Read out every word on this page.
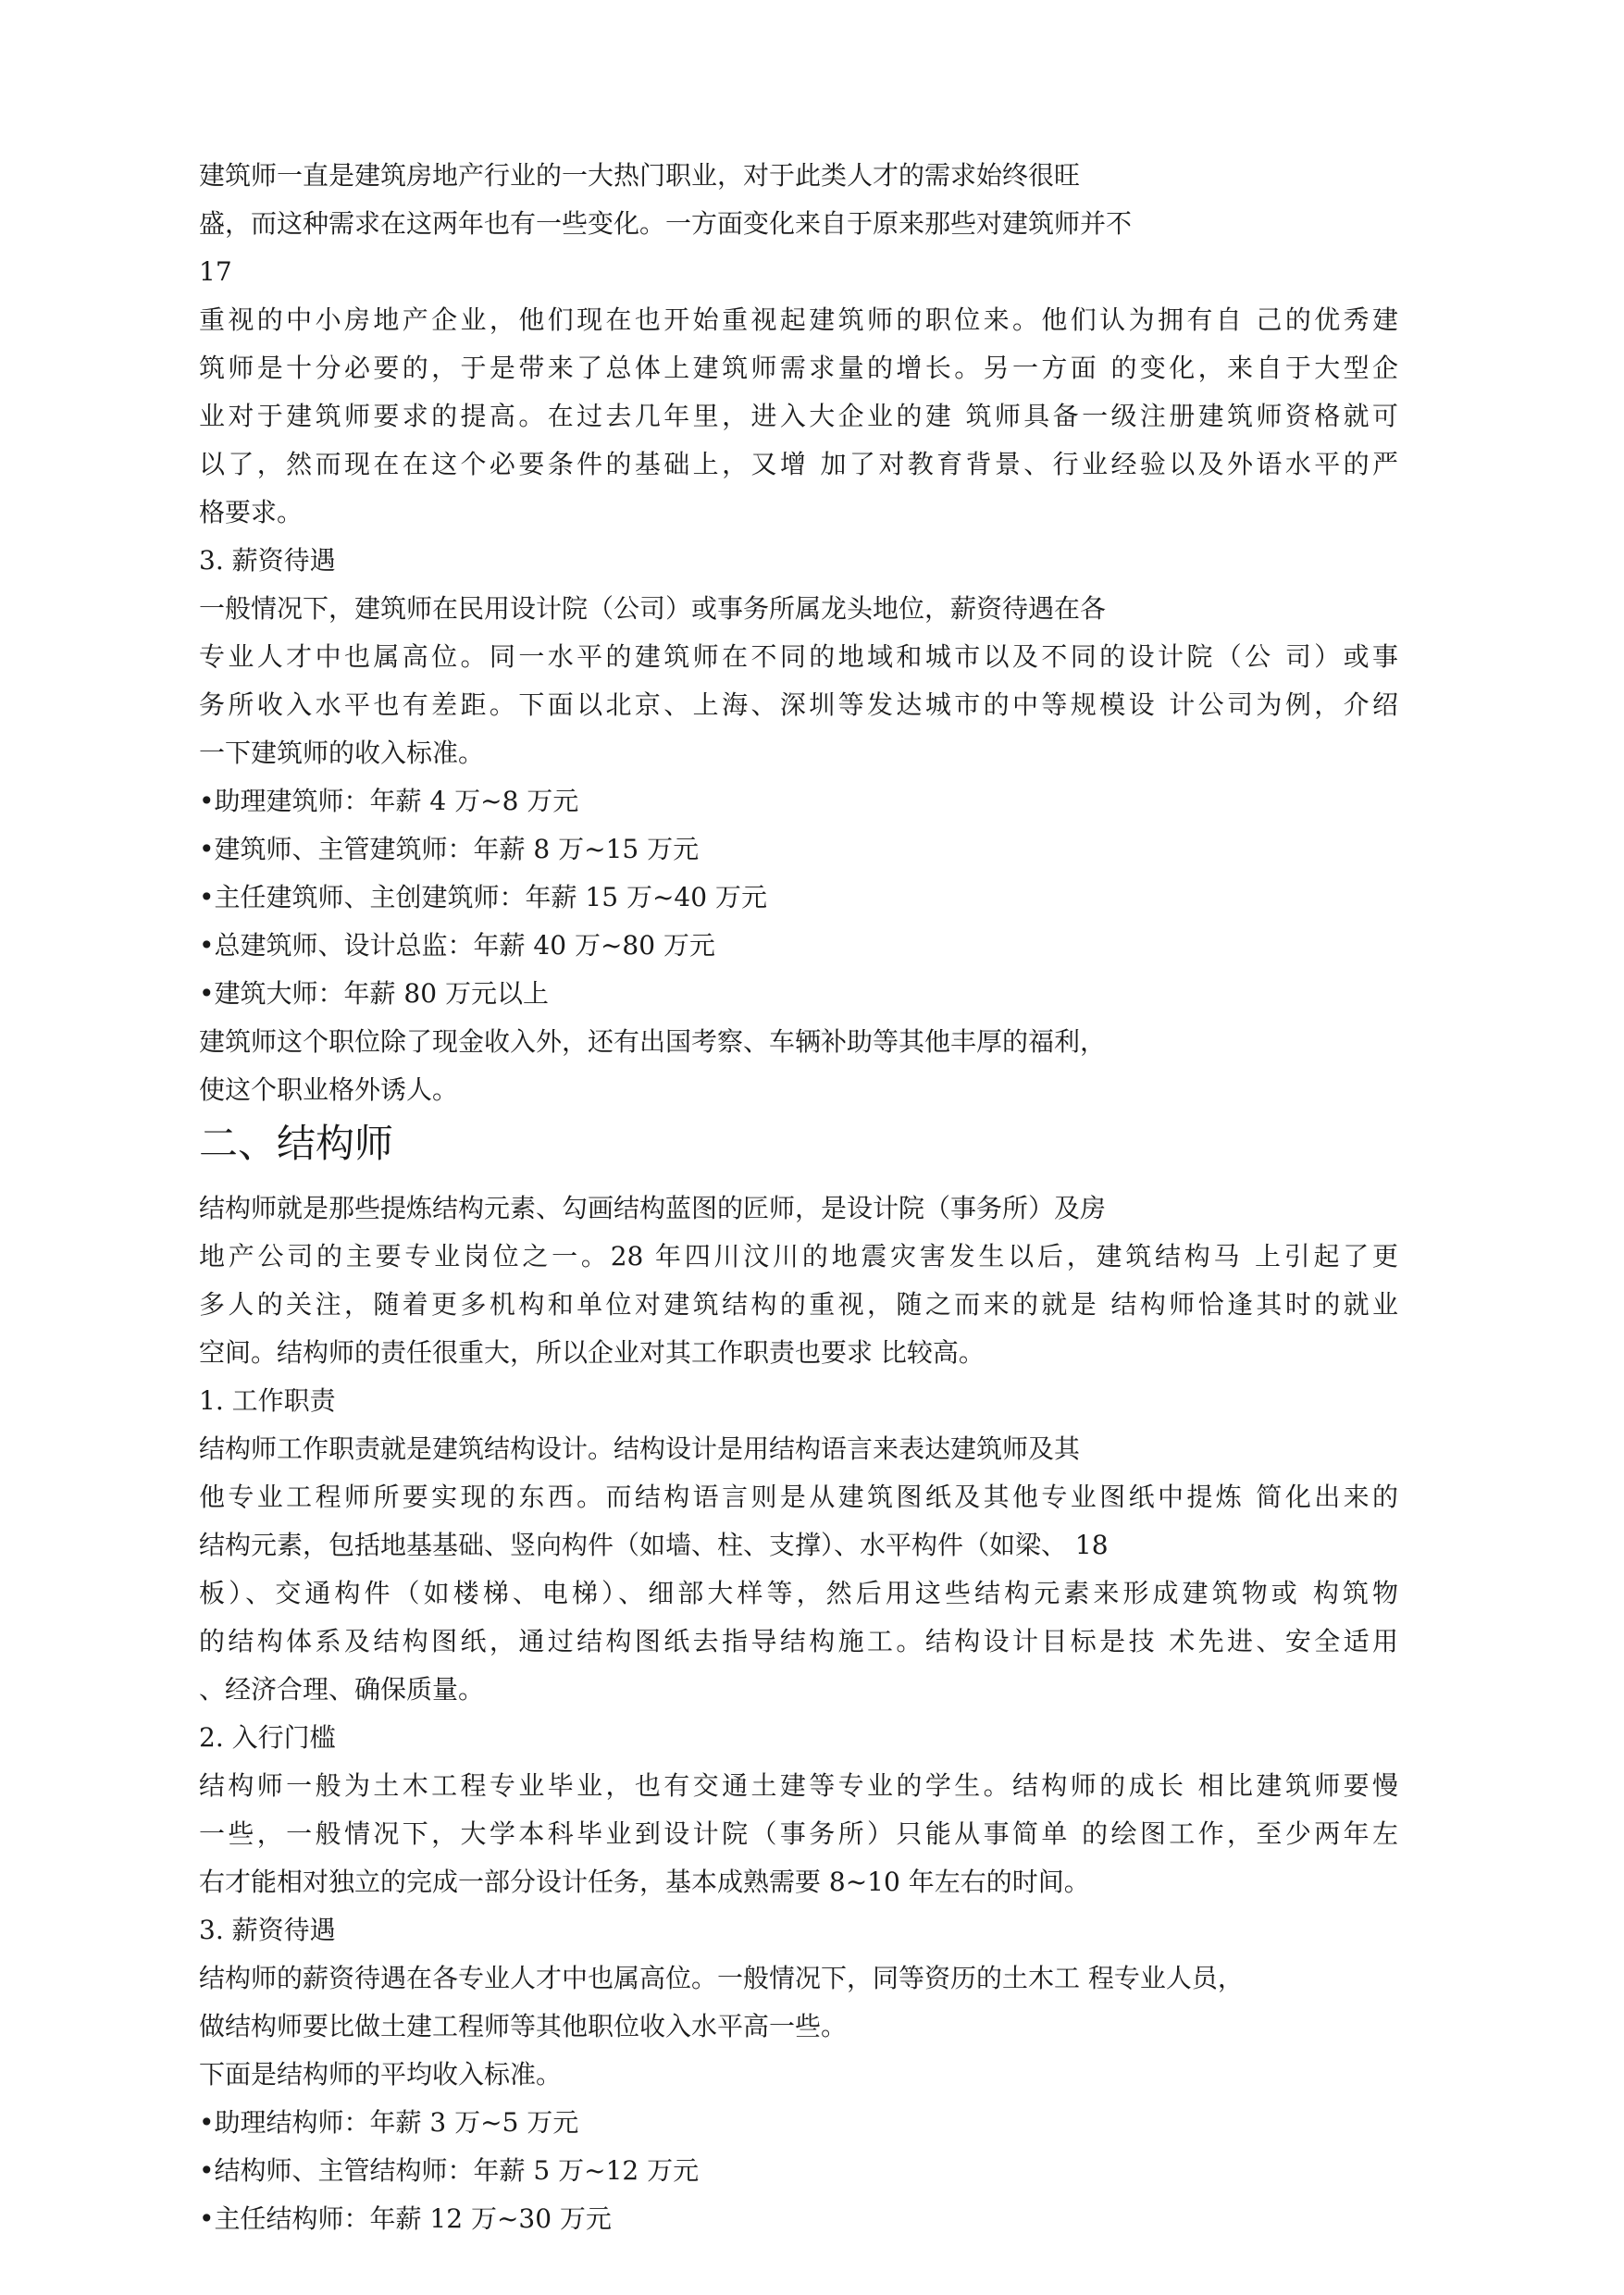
建筑师一直是建筑房地产行业的一大热门职业，对于此类人才的需求始终很旺
盛，而这种需求在这两年也有一些变化。一方面变化来自于原来那些对建筑师并不
17
重视的中小房地产企业，他们现在也开始重视起建筑师的职位来。他们认为拥有自 己的优秀建
筑师是十分必要的，于是带来了总体上建筑师需求量的增长。另一方面 的变化，来自于大型企
业对于建筑师要求的提高。在过去几年里，进入大企业的建 筑师具备一级注册建筑师资格就可
以了，然而现在在这个必要条件的基础上，又增 加了对教育背景、行业经验以及外语水平的严
格要求。
3. 薪资待遇
一般情况下，建筑师在民用设计院（公司）或事务所属龙头地位，薪资待遇在各
专业人才中也属高位。同一水平的建筑师在不同的地域和城市以及不同的设计院（公 司）或事
务所收入水平也有差距。下面以北京、上海、深圳等发达城市的中等规模设 计公司为例，介绍
一下建筑师的收入标准。
•助理建筑师：年薪 4 万~8 万元
•建筑师、主管建筑师：年薪 8 万~15 万元
•主任建筑师、主创建筑师：年薪 15 万~40 万元
•总建筑师、设计总监：年薪 40 万~80 万元
•建筑大师：年薪 80 万元以上
建筑师这个职位除了现金收入外，还有出国考察、车辆补助等其他丰厚的福利，
使这个职业格外诱人。
二、结构师
结构师就是那些提炼结构元素、勾画结构蓝图的匠师，是设计院（事务所）及房
地产公司的主要专业岗位之一。28 年四川汶川的地震灾害发生以后，建筑结构马 上引起了更
多人的关注，随着更多机构和单位对建筑结构的重视，随之而来的就是 结构师恰逢其时的就业
空间。结构师的责任很重大，所以企业对其工作职责也要求 比较高。
1. 工作职责
结构师工作职责就是建筑结构设计。结构设计是用结构语言来表达建筑师及其
他专业工程师所要实现的东西。而结构语言则是从建筑图纸及其他专业图纸中提炼 简化出来的
结构元素，包括地基基础、竖向构件（如墙、柱、支撑）、水平构件（如梁、 18
板）、交通构件（如楼梯、电梯）、细部大样等，然后用这些结构元素来形成建筑物或 构筑物
的结构体系及结构图纸，通过结构图纸去指导结构施工。结构设计目标是技 术先进、安全适用
、经济合理、确保质量。
2. 入行门槛
结构师一般为土木工程专业毕业，也有交通土建等专业的学生。结构师的成长 相比建筑师要慢
一些，一般情况下，大学本科毕业到设计院（事务所）只能从事简单 的绘图工作，至少两年左
右才能相对独立的完成一部分设计任务，基本成熟需要 8~10 年左右的时间。
3. 薪资待遇
结构师的薪资待遇在各专业人才中也属高位。一般情况下，同等资历的土木工 程专业人员，
做结构师要比做土建工程师等其他职位收入水平高一些。
下面是结构师的平均收入标准。
•助理结构师：年薪 3 万~5 万元
•结构师、主管结构师：年薪 5 万~12 万元
•主任结构师：年薪 12 万~30 万元
